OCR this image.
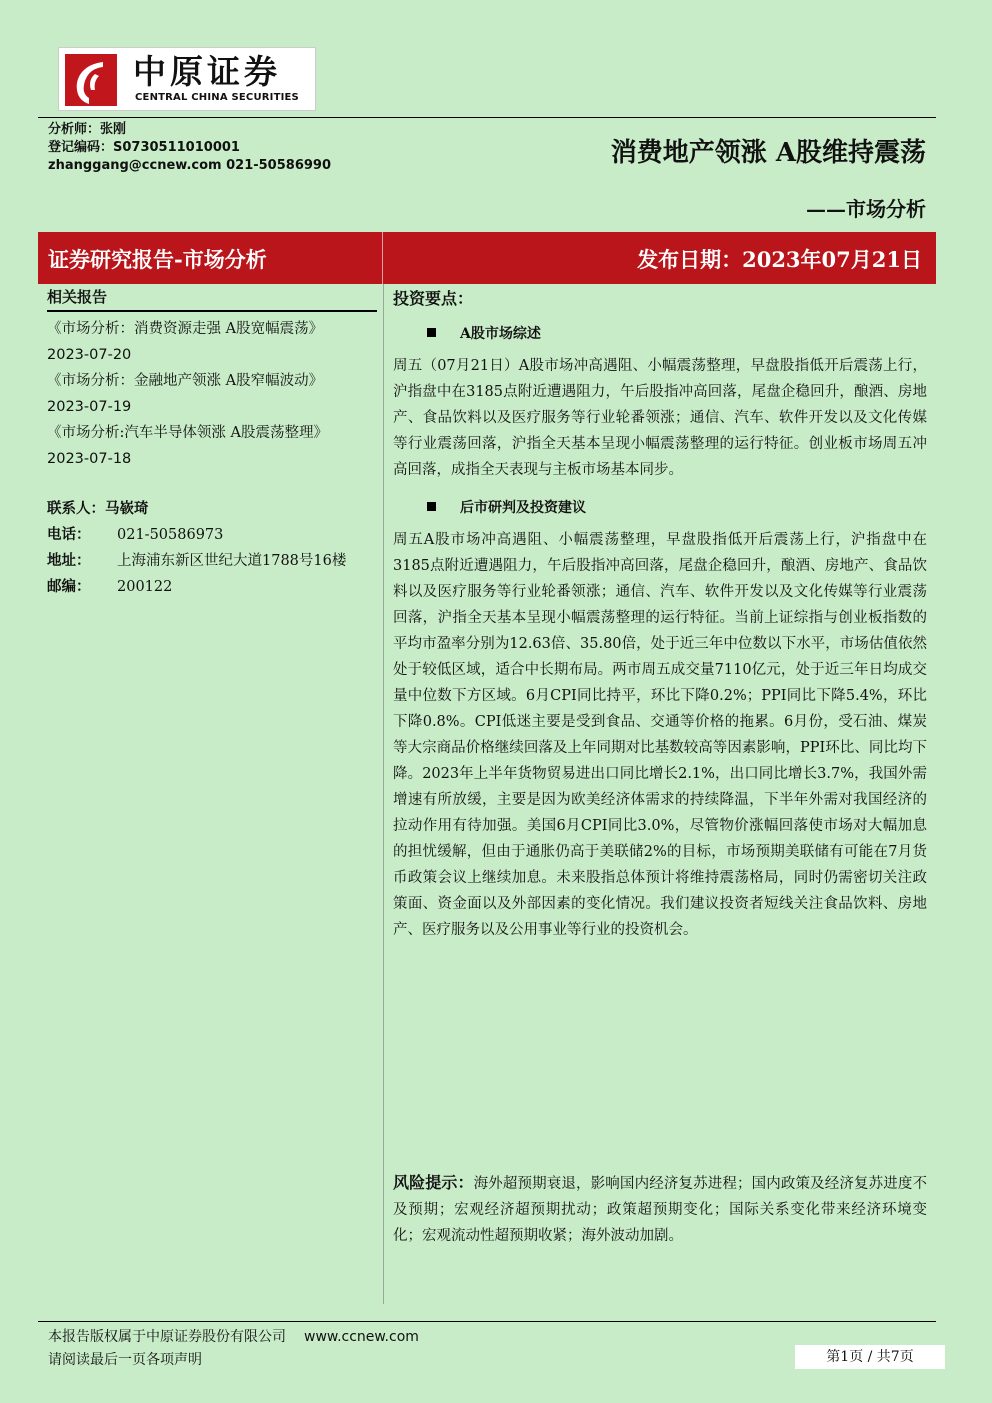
中原证券
CENTRAL CHINA SECURITIES
分析师：张刚
登记编码：S0730511010001
zhanggang@ccnew.com 021-50586990	消费地产领涨 A股维持震荡
——市场分析
证券研究报告-市场分析	发布日期：2023年07月21日
相关报告
《市场分析：消费资源走强 A股宽幅震荡》
2023-07-20
《市场分析：金融地产领涨 A股窄幅波动》
2023-07-19
《市场分析:汽车半导体领涨 A股震荡整理》
2023-07-18
联系人：马嵚琦
电话： 021-50586973
地址： 上海浦东新区世纪大道1788号16楼
邮编： 200122
投资要点：
A股市场综述
周五（07月21日）A股市场冲高遇阻、小幅震荡整理，早盘股指低开后震荡上行，沪指盘中在3185点附近遭遇阻力，午后股指冲高回落，尾盘企稳回升，酿酒、房地产、食品饮料以及医疗服务等行业轮番领涨；通信、汽车、软件开发以及文化传媒等行业震荡回落，沪指全天基本呈现小幅震荡整理的运行特征。创业板市场周五冲高回落，成指全天表现与主板市场基本同步。
后市研判及投资建议
周五A股市场冲高遇阻、小幅震荡整理，早盘股指低开后震荡上行，沪指盘中在3185点附近遭遇阻力，午后股指冲高回落，尾盘企稳回升，酿酒、房地产、食品饮料以及医疗服务等行业轮番领涨；通信、汽车、软件开发以及文化传媒等行业震荡回落，沪指全天基本呈现小幅震荡整理的运行特征。当前上证综指与创业板指数的平均市盈率分别为12.63倍、35.80倍，处于近三年中位数以下水平，市场估值依然处于较低区域，适合中长期布局。两市周五成交量7110亿元，处于近三年日均成交量中位数下方区域。6月CPI同比持平，环比下降0.2%；PPI同比下降5.4%，环比下降0.8%。CPI低迷主要是受到食品、交通等价格的拖累。6月份，受石油、煤炭等大宗商品价格继续回落及上年同期对比基数较高等因素影响，PPI环比、同比均下降。2023年上半年货物贸易进出口同比增长2.1%，出口同比增长3.7%，我国外需增速有所放缓，主要是因为欧美经济体需求的持续降温，下半年外需对我国经济的拉动作用有待加强。美国6月CPI同比3.0%，尽管物价涨幅回落使市场对大幅加息的担忧缓解，但由于通胀仍高于美联储2%的目标，市场预期美联储有可能在7月货币政策会议上继续加息。未来股指总体预计将维持震荡格局，同时仍需密切关注政策面、资金面以及外部因素的变化情况。我们建议投资者短线关注食品饮料、房地产、医疗服务以及公用事业等行业的投资机会。
风险提示：海外超预期衰退，影响国内经济复苏进程；国内政策及经济复苏进度不及预期；宏观经济超预期扰动；政策超预期变化；国际关系变化带来经济环境变化；宏观流动性超预期收紧；海外波动加剧。
本报告版权属于中原证券股份有限公司 www.ccnew.com
请阅读最后一页各项声明	第1页 / 共7页
